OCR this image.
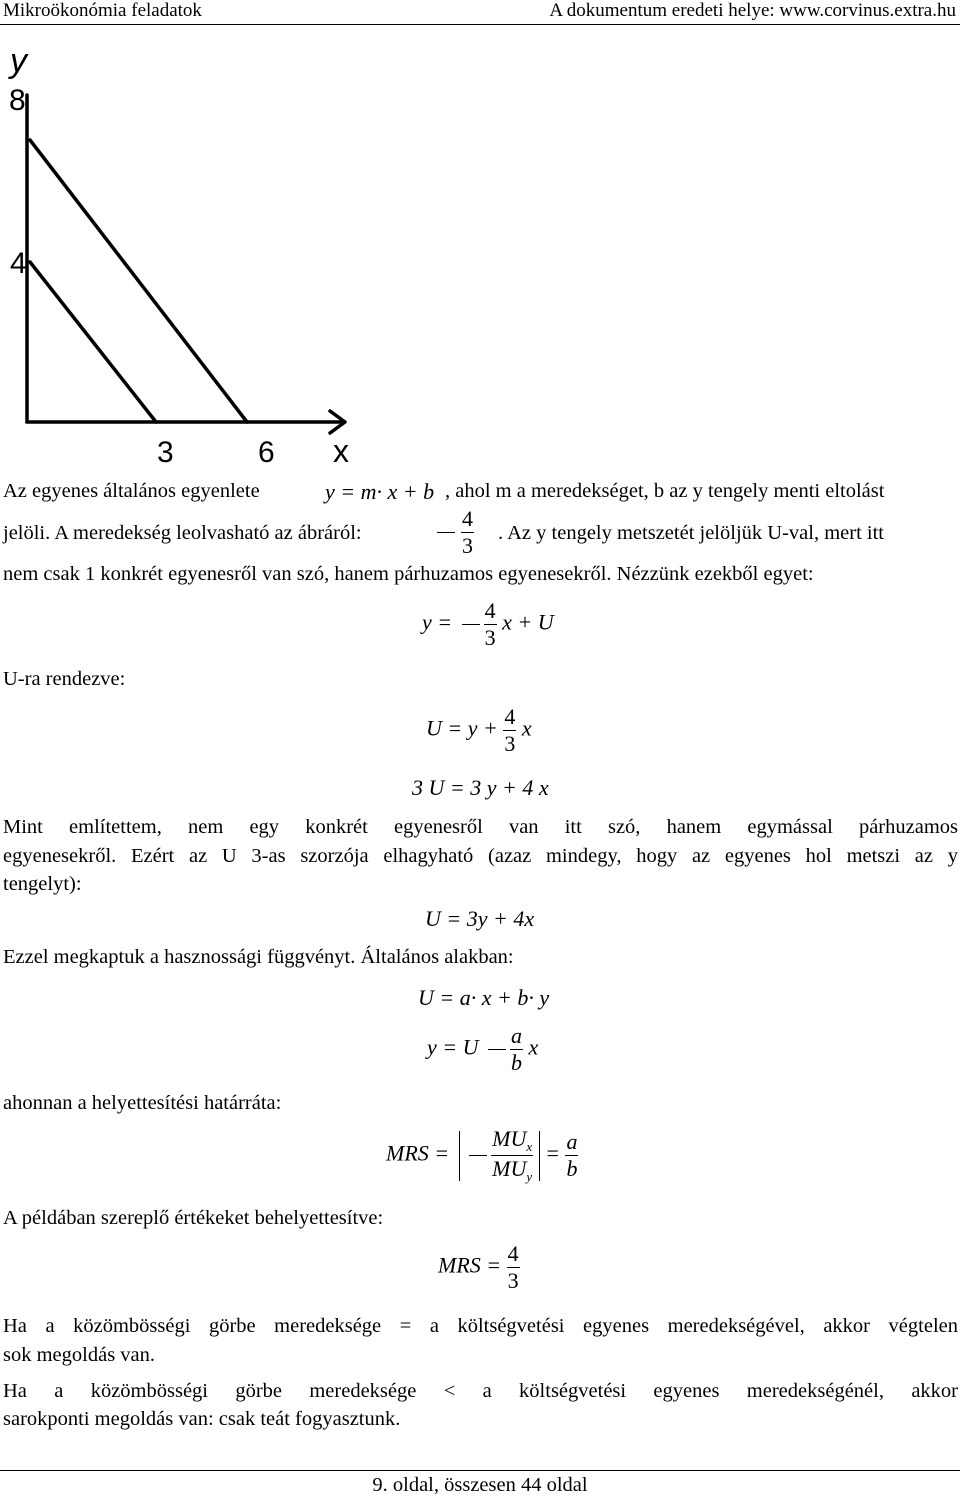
Mikroökonómia feladatok	A dokumentum eredeti helye: www.corvinus.extra.hu
y
8
4
3	6 x
Az egyenes általános egyenlete	y = m· x + b , ahol m a meredekséget, b az y tengely menti eltolást
jelöli. A meredekség leolvasható az ábráról:	$\frac{4}{3}$ . Az y tengely metszetét jelöljük U-val, mert itt
nem csak 1 konkrét egyenesről van szó, hanem párhuzamos egyenesekről. Nézzünk ezekből egyet:
$y = \frac{4}{3}$ x + U
U-ra rendezve:
$U = y + \frac{4}{3}$ x
3 U = 3 y + 4 x
Mint említettem, nem egy konkrét egyenesről van itt szó, hanem egymással párhuzamos
egyenesekről. Ezért az U 3-as szorzója elhagyható (azaz mindegy, hogy az egyenes hol metszi az y
tengelyt):
U = 3y + 4x
Ezzel megkaptuk a hasznossági függvényt. Általános alakban:
U = a· x + b· y
y = U $\frac{a}{b}$ x
ahonnan a helyettesítési határráta:
MRS = $\frac{MU_x}{MU_y} = \frac{a}{b}$
A példában szereplő értékeket behelyettesítve:
MRS = $\frac{4}{3}$
Ha a közömbösségi görbe meredeksége = a költségvetési egyenes meredekségével, akkor végtelen
sok megoldás van.
Ha a közömbösségi görbe meredeksége < a költségvetési egyenes meredekségénél, akkor
sarokponti megoldás van: csak teát fogyasztunk.
9. oldal, összesen 44 oldal
